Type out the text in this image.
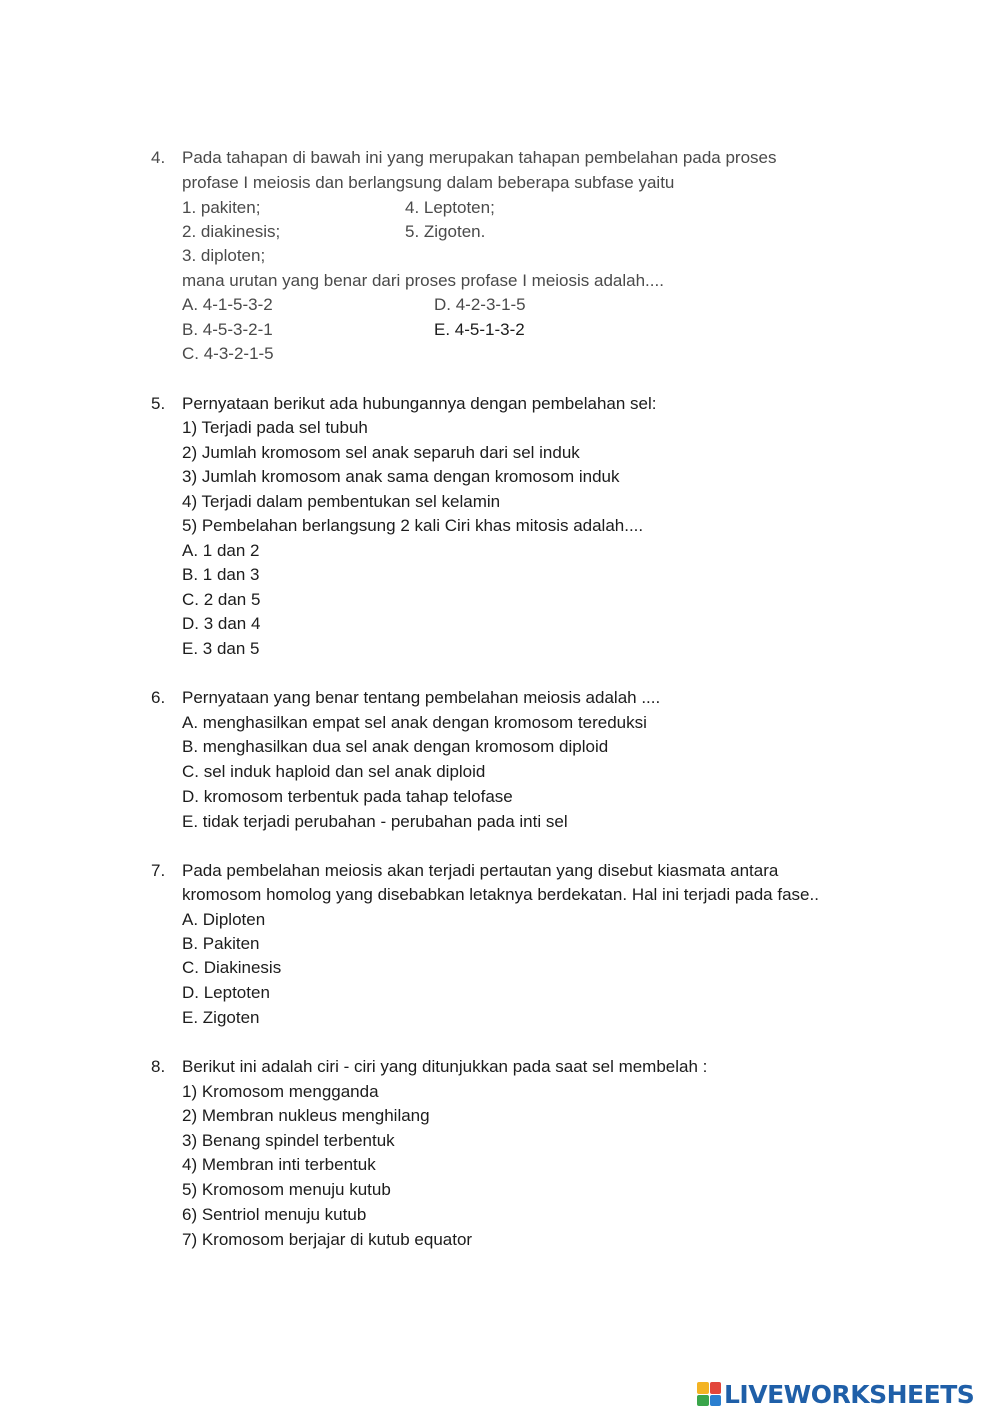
4. Pada tahapan di bawah ini yang merupakan tahapan pembelahan pada proses
profase I meiosis dan berlangsung dalam beberapa subfase yaitu
1. pakiten;	4. Leptoten;
2. diakinesis;	5. Zigoten.
3. diploten;
mana urutan yang benar dari proses profase I meiosis adalah....
A. 4-1-5-3-2	D. 4-2-3-1-5
B. 4-5-3-2-1	E. 4-5-1-3-2
C. 4-3-2-1-5
5. Pernyataan berikut ada hubungannya dengan pembelahan sel:
1) Terjadi pada sel tubuh
2) Jumlah kromosom sel anak separuh dari sel induk
3) Jumlah kromosom anak sama dengan kromosom induk
4) Terjadi dalam pembentukan sel kelamin
5) Pembelahan berlangsung 2 kali Ciri khas mitosis adalah....
A. 1 dan 2
B. 1 dan 3
C. 2 dan 5
D. 3 dan 4
E. 3 dan 5
6. Pernyataan yang benar tentang pembelahan meiosis adalah ....
A. menghasilkan empat sel anak dengan kromosom tereduksi
B. menghasilkan dua sel anak dengan kromosom diploid
C. sel induk haploid dan sel anak diploid
D. kromosom terbentuk pada tahap telofase
E. tidak terjadi perubahan - perubahan pada inti sel
7. Pada pembelahan meiosis akan terjadi pertautan yang disebut kiasmata antara
kromosom homolog yang disebabkan letaknya berdekatan. Hal ini terjadi pada fase..
A. Diploten
B. Pakiten
C. Diakinesis
D. Leptoten
E. Zigoten
8. Berikut ini adalah ciri - ciri yang ditunjukkan pada saat sel membelah :
1) Kromosom mengganda
2) Membran nukleus menghilang
3) Benang spindel terbentuk
4) Membran inti terbentuk
5) Kromosom menuju kutub
6) Sentriol menuju kutub
7) Kromosom berjajar di kutub equator
LIVEWORKSHEETS
